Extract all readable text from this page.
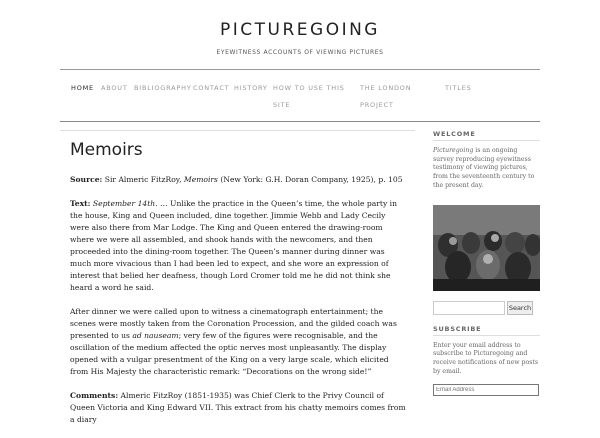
PICTUREGOING
EYEWITNESS ACCOUNTS OF VIEWING PICTURES
HOME ABOUT BIBLIOGRAPHY CONTACT HISTORY HOW TO USE THIS
SITE
THE LONDON
PROJECT
TITLES
Memoirs

Source: Sir Almeric FitzRoy, Memoirs (New York: G.H. Doran Company, 1925), p. 105

Text: September 14th. … Unlike the practice in the Queen’s time, the whole party in the house, King and Queen included, dine together. Jimmie Webb and Lady Cecily were also there from Mar Lodge. The King and Queen entered the drawing-room where we were all assembled, and shook hands with the newcomers, and then proceeded into the dining-room together. The Queen’s manner during dinner was much more vivacious than I had been led to expect, and she wore an expression of interest that belied her deafness, though Lord Cromer told me he did not think she heard a word he said.

After dinner we were called upon to witness a cinematograph entertainment; the scenes were mostly taken from the Coronation Procession, and the gilded coach was presented to us ad nauseam; very few of the figures were recognisable, and the oscillation of the medium affected the optic nerves most unpleasantly. The display opened with a vulgar presentment of the King on a very large scale, which elicited from His Majesty the characteristic remark: “Decorations on the wrong side!”

Comments: Almeric FitzRoy (1851-1935) was Chief Clerk to the Privy Council of Queen Victoria and King Edward VII. This extract from his chatty memoirs comes from a diary

WELCOME
Picturegoing is an ongoing survey reproducing eyewitness testimony of viewing pictures, from the seventeenth century to the present day.
Search
SUBSCRIBE
Enter your email address to subscribe to Picturegoing and receive notifications of new posts by email.
Email Address
